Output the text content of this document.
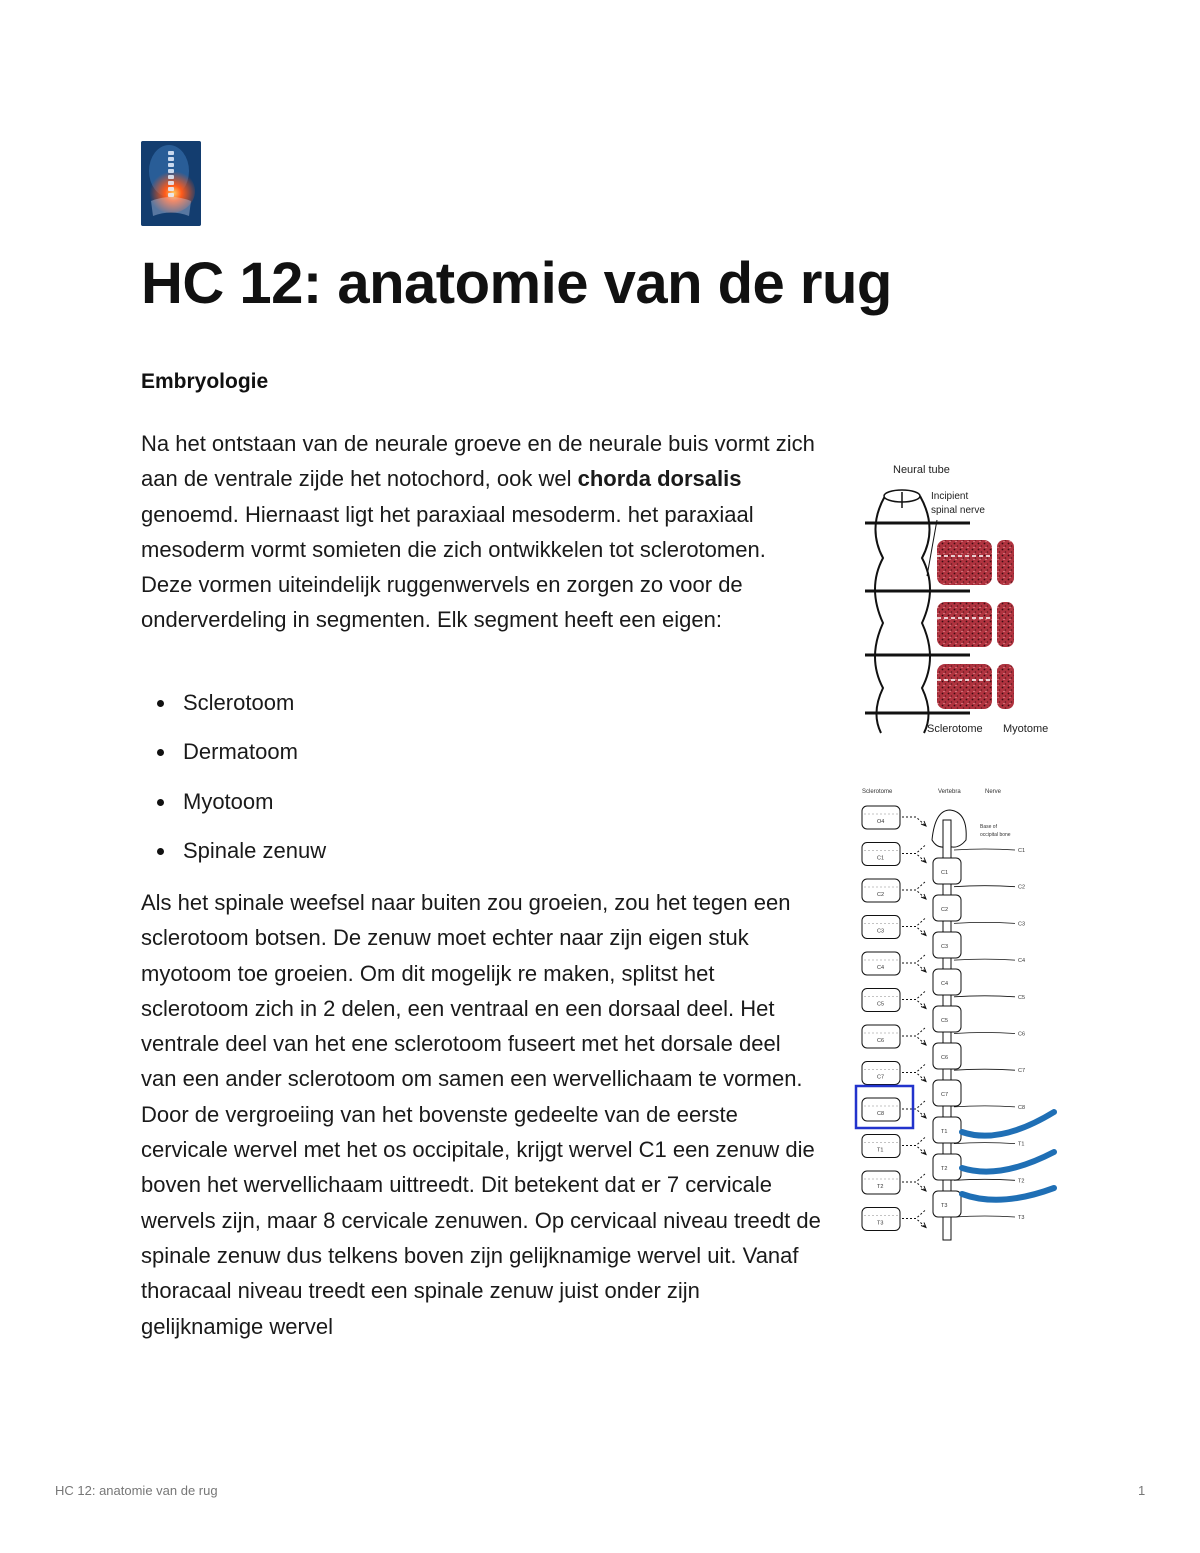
HC 12: anatomie van de rug
Embryologie

Na het ontstaan van de neurale groeve en de neurale buis vormt zich aan de ventrale zijde het notochord, ook wel chorda dorsalis genoemd. Hiernaast ligt het paraxiaal mesoderm. het paraxiaal mesoderm vormt somieten die zich ontwikkelen tot sclerotomen. Deze vormen uiteindelijk ruggenwervels en zorgen zo voor de onderverdeling in segmenten. Elk segment heeft een eigen:

Sclerotoom
Dermatoom
Myotoom
Spinale zenuw

Als het spinale weefsel naar buiten zou groeien, zou het tegen een sclerotoom botsen. De zenuw moet echter naar zijn eigen stuk myotoom toe groeien. Om dit mogelijk re maken, splitst het sclerotoom zich in 2 delen, een ventraal en een dorsaal deel. Het ventrale deel van het ene sclerotoom fuseert met het dorsale deel van een ander sclerotoom om samen een wervellichaam te vormen. Door de vergroeiing van het bovenste gedeelte van de eerste cervicale wervel met het os occipitale, krijgt wervel C1 een zenuw die boven het wervellichaam uittreedt. Dit betekent dat er 7 cervicale wervels zijn, maar 8 cervicale zenuwen. Op cervicaal niveau treedt de spinale zenuw dus telkens boven zijn gelijknamige wervel uit. Vanaf thoracaal niveau treedt een spinale zenuw juist onder zijn gelijknamige wervel

Neural tube
Incipient
spinal nerve
Sclerotome Myotome
Sclerotome	Vertebra	Nerve
Base of
occipital bone
O4
C1
C2
C3
C4
C5
C6
C7
C8
T1
T2
T3
C1
C2
C3
C4
C5
C6
C7
T1
T2
T3
C1
C2
C3
C4
C5
C6
C7
C8
T1
T2
T3
HC 12: anatomie van de rug	1
